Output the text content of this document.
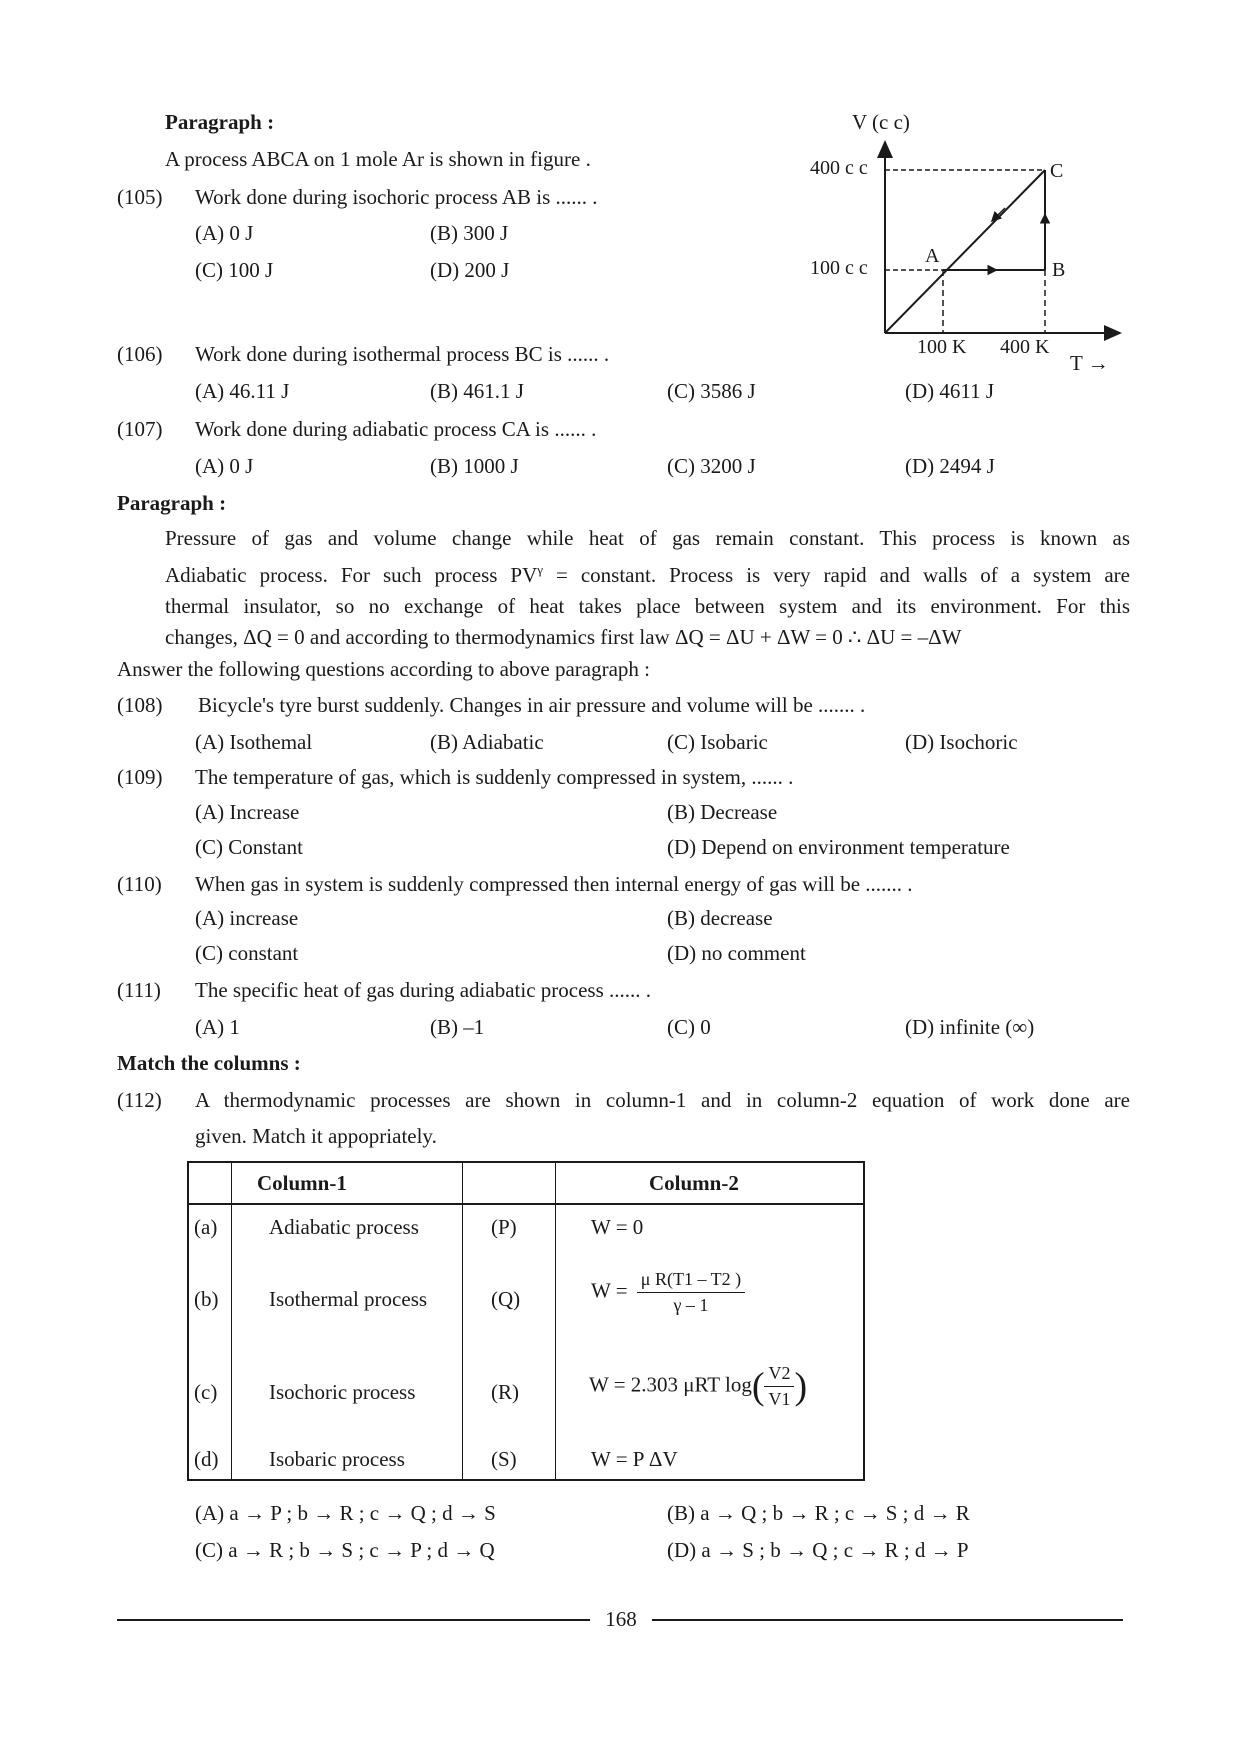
Paragraph :
A process ABCA on 1 mole Ar is shown in figure .
V (c c)
T →
400 c c
100 c c
100 K 400 K
A
B
C
(105) Work done during isochoric process AB is ...... .
(A) 0 J	(B) 300 J
(C) 100 J	(D) 200 J
(106) Work done during isothermal process BC is ...... .
(A) 46.11 J	(B) 461.1 J	(C) 3586 J	(D) 4611 J
(107) Work done during adiabatic process CA is ...... .
(A) 0 J	(B) 1000 J	(C) 3200 J	(D) 2494 J
Paragraph :
Pressure of gas and volume change while heat of gas remain constant. This process is known as
Adiabatic process. For such process $PV^\gamma$ = constant. Process is very rapid and walls of a system are
thermal insulator, so no exchange of heat takes place between system and its environment. For this
changes, ΔQ = 0 and according to thermodynamics first law ΔQ = ΔU + ΔW = 0 ∴ ΔU = –ΔW
Answer the following questions according to above paragraph :
(108) Bicycle's tyre burst suddenly. Changes in air pressure and volume will be ....... .
(A) Isothemal	(B) Adiabatic	(C) Isobaric	(D) Isochoric
(109) The temperature of gas, which is suddenly compressed in system, ...... .
(A) Increase	(B) Decrease
(C) Constant	(D) Depend on environment temperature
(110) When gas in system is suddenly compressed then internal energy of gas will be ....... .
(A) increase	(B) decrease
(C) constant	(D) no comment
(111) The specific heat of gas during adiabatic process ...... .
(A) 1	(B) –1	(C) 0	(D) infinite (∞)
Match the columns :
(112) A thermodynamic processes are shown in column-1 and in column-2 equation of work done are
given. Match it appopriately.
Column-1	Column-2
(a) Adiabatic process	(P)	W = 0
(b) Isothermal process	(Q)	$W = \frac{\text{μ R(T1 – T2 )}}{\gamma - 1}$
(c) Isochoric process	(R)	W = 2.303 μRT $\log( \frac{V2}{V1}$ )
(d) Isobaric process	(S)	W = P ΔV
(A) a → P ; b → R ; c → Q ; d → S	(B) a → Q ; b → R ; c → S ; d → R
(C) a → R ; b → S ; c → P ; d → Q	(D) a → S ; b → Q ; c → R ; d → P
168
